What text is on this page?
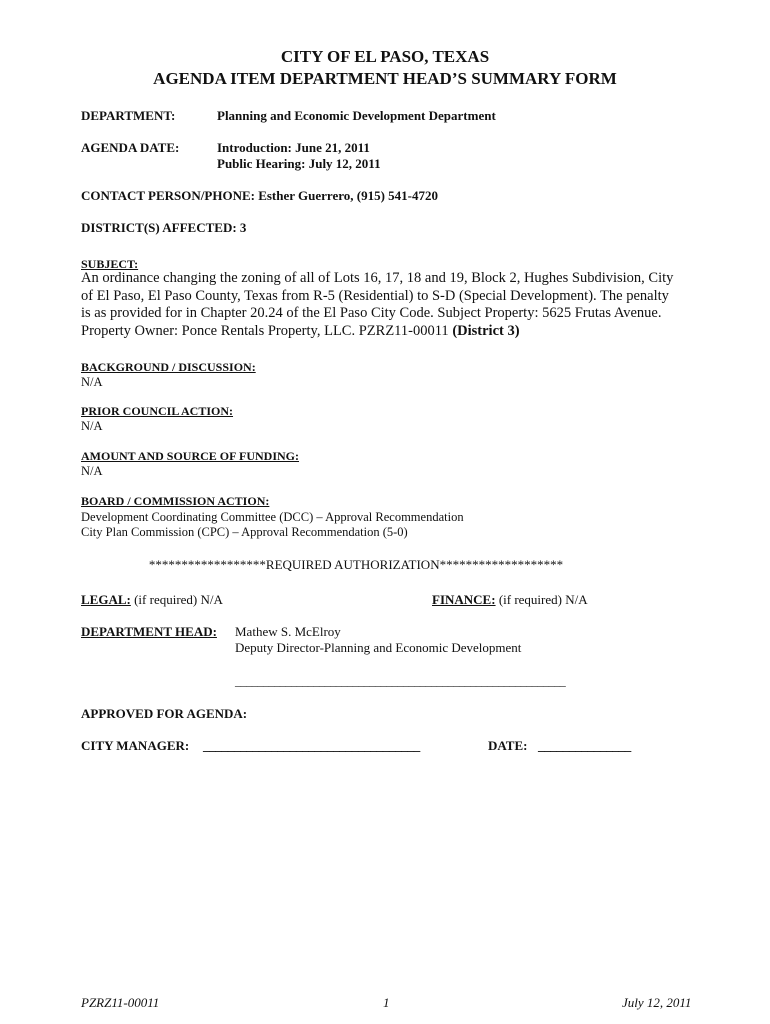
CITY OF EL PASO, TEXAS
AGENDA ITEM DEPARTMENT HEAD’S SUMMARY FORM
DEPARTMENT:	Planning and Economic Development Department
AGENDA DATE:	Introduction: June 21, 2011
Public Hearing: July 12, 2011
CONTACT PERSON/PHONE: Esther Guerrero, (915) 541-4720
DISTRICT(S) AFFECTED: 3
SUBJECT:
An ordinance changing the zoning of all of Lots 16, 17, 18 and 19, Block 2, Hughes Subdivision, City
of El Paso, El Paso County, Texas from R-5 (Residential) to S-D (Special Development). The penalty
is as provided for in Chapter 20.24 of the El Paso City Code. Subject Property: 5625 Frutas Avenue.
Property Owner: Ponce Rentals Property, LLC. PZRZ11-00011 (District 3)
BACKGROUND / DISCUSSION:
N/A
PRIOR COUNCIL ACTION:
N/A
AMOUNT AND SOURCE OF FUNDING:
N/A
BOARD / COMMISSION ACTION:
Development Coordinating Committee (DCC) – Approval Recommendation
City Plan Commission (CPC) – Approval Recommendation (5-0)
******************REQUIRED AUTHORIZATION*******************
LEGAL: (if required) N/A	FINANCE: (if required) N/A
DEPARTMENT HEAD: Mathew S. McElroy
Deputy Director-Planning and Economic Development
___________________________________________________________
APPROVED FOR AGENDA:
CITY MANAGER: ___________________________________	DATE: _______________
PZRZ11-00011	1	July 12, 2011
